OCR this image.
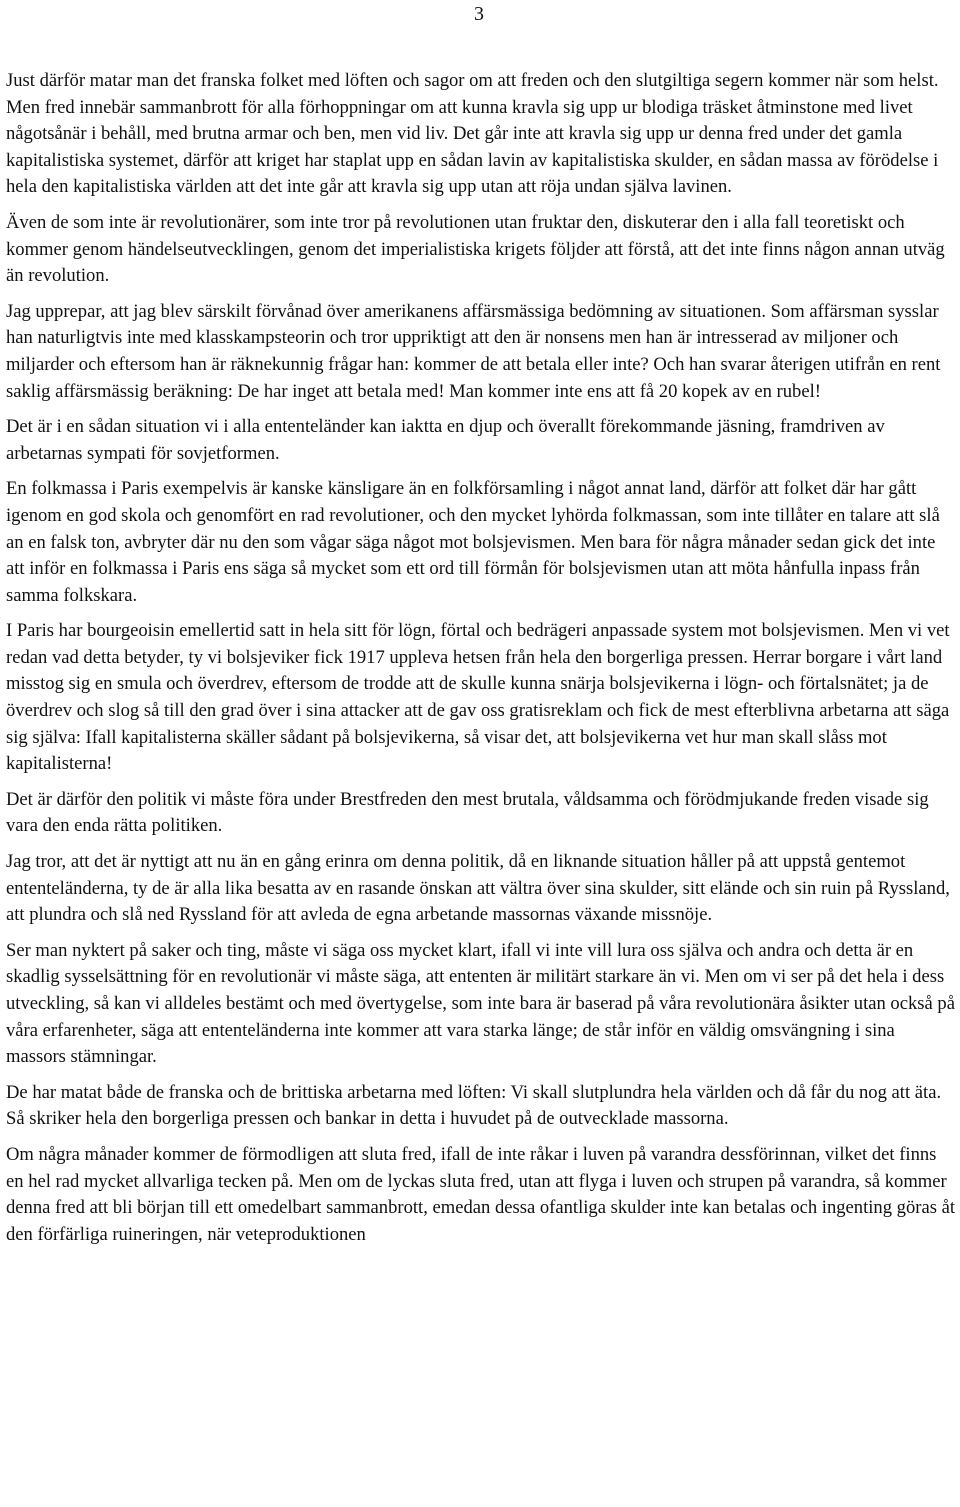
3

Just därför matar man det franska folket med löften och sagor om att freden och den slutgiltiga segern kommer när som helst. Men fred innebär sammanbrott för alla förhoppningar om att kunna kravla sig upp ur blodiga träsket åtminstone med livet någotsånär i behåll, med brutna armar och ben, men vid liv. Det går inte att kravla sig upp ur denna fred under det gamla kapitalistiska systemet, därför att kriget har staplat upp en sådan lavin av kapitalistiska skulder, en sådan massa av förödelse i hela den kapitalistiska världen att det inte går att kravla sig upp utan att röja undan själva lavinen.

Även de som inte är revolutionärer, som inte tror på revolutionen utan fruktar den, diskuterar den i alla fall teoretiskt och kommer genom händelseutvecklingen, genom det imperialistiska krigets följder att förstå, att det inte finns någon annan utväg än revolution.

Jag upprepar, att jag blev särskilt förvånad över amerikanens affärsmässiga bedömning av situationen. Som affärsman sysslar han naturligtvis inte med klasskampsteorin och tror uppriktigt att den är nonsens men han är intresserad av miljoner och miljarder och eftersom han är räknekunnig frågar han: kommer de att betala eller inte? Och han svarar återigen utifrån en rent saklig affärsmässig beräkning: De har inget att betala med! Man kommer inte ens att få 20 kopek av en rubel!

Det är i en sådan situation vi i alla ententeländer kan iaktta en djup och överallt förekommande jäsning, framdriven av arbetarnas sympati för sovjetformen.

En folkmassa i Paris exempelvis är kanske känsligare än en folkförsamling i något annat land, därför att folket där har gått igenom en god skola och genomfört en rad revolutioner, och den mycket lyhörda folkmassan, som inte tillåter en talare att slå an en falsk ton, avbryter där nu den som vågar säga något mot bolsjevismen. Men bara för några månader sedan gick det inte att inför en folkmassa i Paris ens säga så mycket som ett ord till förmån för bolsjevismen utan att möta hånfulla inpass från samma folkskara.

I Paris har bourgeoisin emellertid satt in hela sitt för lögn, förtal och bedrägeri anpassade system mot bolsjevismen. Men vi vet redan vad detta betyder, ty vi bolsjeviker fick 1917 uppleva hetsen från hela den borgerliga pressen. Herrar borgare i vårt land misstog sig en smula och överdrev, eftersom de trodde att de skulle kunna snärja bolsjevikerna i lögn- och förtalsnätet; ja de överdrev och slog så till den grad över i sina attacker att de gav oss gratisreklam och fick de mest efterblivna arbetarna att säga sig själva: Ifall kapitalisterna skäller sådant på bolsjevikerna, så visar det, att bolsjevikerna vet hur man skall slåss mot kapitalisterna!

Det är därför den politik vi måste föra under Brestfreden den mest brutala, våldsamma och förödmjukande freden visade sig vara den enda rätta politiken.

Jag tror, att det är nyttigt att nu än en gång erinra om denna politik, då en liknande situation håller på att uppstå gentemot ententeländerna, ty de är alla lika besatta av en rasande önskan att vältra över sina skulder, sitt elände och sin ruin på Ryssland, att plundra och slå ned Ryssland för att avleda de egna arbetande massornas växande missnöje.

Ser man nyktert på saker och ting, måste vi säga oss mycket klart, ifall vi inte vill lura oss själva och andra och detta är en skadlig sysselsättning för en revolutionär vi måste säga, att ententen är militärt starkare än vi. Men om vi ser på det hela i dess utveckling, så kan vi alldeles bestämt och med övertygelse, som inte bara är baserad på våra revolutionära åsikter utan också på våra erfarenheter, säga att ententeländerna inte kommer att vara starka länge; de står inför en väldig omsvängning i sina massors stämningar.

De har matat både de franska och de brittiska arbetarna med löften: Vi skall slutplundra hela världen och då får du nog att äta. Så skriker hela den borgerliga pressen och bankar in detta i huvudet på de outvecklade massorna.

Om några månader kommer de förmodligen att sluta fred, ifall de inte råkar i luven på varandra dessförinnan, vilket det finns en hel rad mycket allvarliga tecken på. Men om de lyckas sluta fred, utan att flyga i luven och strupen på varandra, så kommer denna fred att bli början till ett omedelbart sammanbrott, emedan dessa ofantliga skulder inte kan betalas och ingenting göras åt den förfärliga ruineringen, när veteproduktionen
